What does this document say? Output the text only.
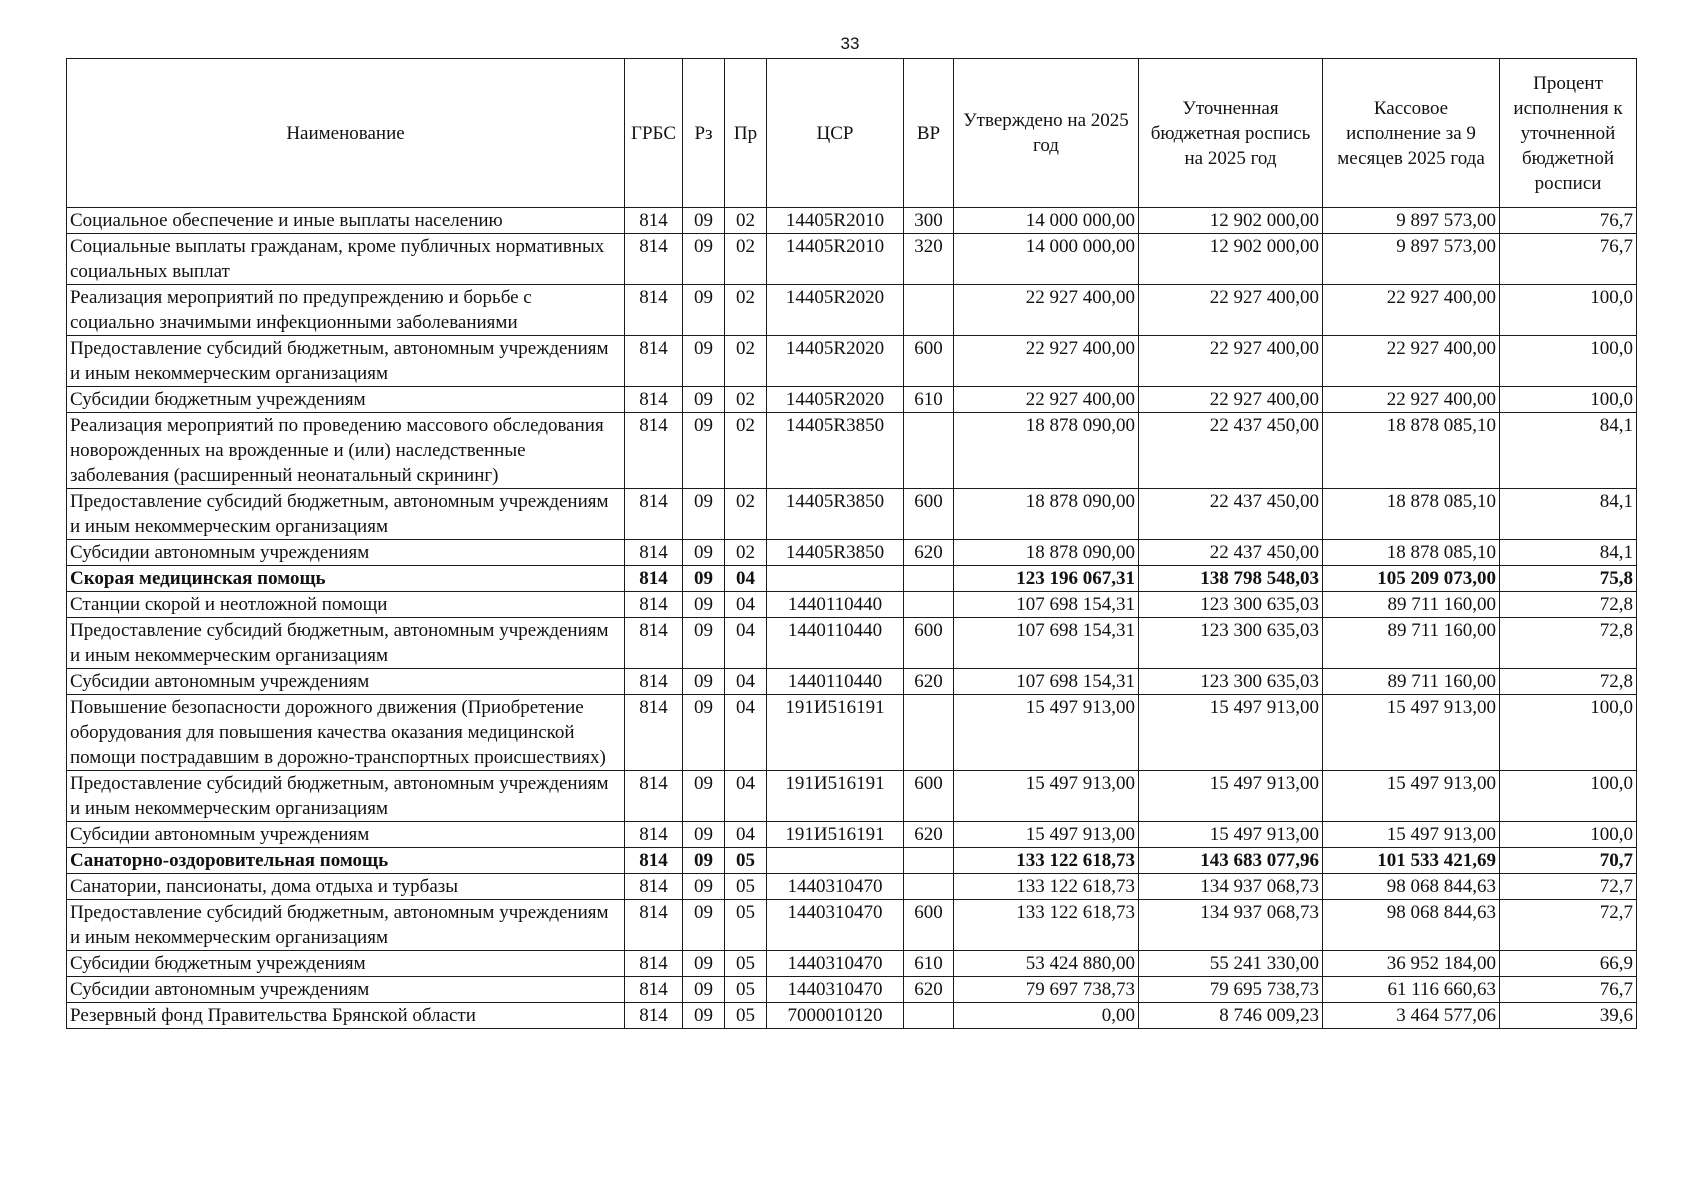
33
Наименование	ГРБС	Рз	Пр	ЦСР	ВР	Утверждено на 2025 год	Уточненная бюджетная роспись на 2025 год	Кассовое исполнение за 9 месяцев 2025 года	Процент исполнения к уточненной бюджетной росписи
Социальное обеспечение и иные выплаты населению	814	09	02	14405R2010	300	14 000 000,00	12 902 000,00	9 897 573,00	76,7
Социальные выплаты гражданам, кроме публичных нормативных социальных выплат	814	09	02	14405R2010	320	14 000 000,00	12 902 000,00	9 897 573,00	76,7
Реализация мероприятий по предупреждению и борьбе с социально значимыми инфекционными заболеваниями	814	09	02	14405R2020		22 927 400,00	22 927 400,00	22 927 400,00	100,0
Предоставление субсидий бюджетным, автономным учреждениям и иным некоммерческим организациям	814	09	02	14405R2020	600	22 927 400,00	22 927 400,00	22 927 400,00	100,0
Субсидии бюджетным учреждениям	814	09	02	14405R2020	610	22 927 400,00	22 927 400,00	22 927 400,00	100,0
Реализация мероприятий по проведению массового обследования новорожденных на врожденные и (или) наследственные заболевания (расширенный неонатальный скрининг)	814	09	02	14405R3850		18 878 090,00	22 437 450,00	18 878 085,10	84,1
Предоставление субсидий бюджетным, автономным учреждениям и иным некоммерческим организациям	814	09	02	14405R3850	600	18 878 090,00	22 437 450,00	18 878 085,10	84,1
Субсидии автономным учреждениям	814	09	02	14405R3850	620	18 878 090,00	22 437 450,00	18 878 085,10	84,1
Скорая медицинская помощь	814	09	04			123 196 067,31	138 798 548,03	105 209 073,00	75,8
Станции скорой и неотложной помощи	814	09	04	1440110440		107 698 154,31	123 300 635,03	89 711 160,00	72,8
Предоставление субсидий бюджетным, автономным учреждениям и иным некоммерческим организациям	814	09	04	1440110440	600	107 698 154,31	123 300 635,03	89 711 160,00	72,8
Субсидии автономным учреждениям	814	09	04	1440110440	620	107 698 154,31	123 300 635,03	89 711 160,00	72,8
Повышение безопасности дорожного движения (Приобретение оборудования для повышения качества оказания медицинской помощи пострадавшим в дорожно-транспортных происшествиях)	814	09	04	191И516191		15 497 913,00	15 497 913,00	15 497 913,00	100,0
Предоставление субсидий бюджетным, автономным учреждениям и иным некоммерческим организациям	814	09	04	191И516191	600	15 497 913,00	15 497 913,00	15 497 913,00	100,0
Субсидии автономным учреждениям	814	09	04	191И516191	620	15 497 913,00	15 497 913,00	15 497 913,00	100,0
Санаторно-оздоровительная помощь	814	09	05			133 122 618,73	143 683 077,96	101 533 421,69	70,7
Санатории, пансионаты, дома отдыха и турбазы	814	09	05	1440310470		133 122 618,73	134 937 068,73	98 068 844,63	72,7
Предоставление субсидий бюджетным, автономным учреждениям и иным некоммерческим организациям	814	09	05	1440310470	600	133 122 618,73	134 937 068,73	98 068 844,63	72,7
Субсидии бюджетным учреждениям	814	09	05	1440310470	610	53 424 880,00	55 241 330,00	36 952 184,00	66,9
Субсидии автономным учреждениям	814	09	05	1440310470	620	79 697 738,73	79 695 738,73	61 116 660,63	76,7
Резервный фонд Правительства Брянской области	814	09	05	7000010120		0,00	8 746 009,23	3 464 577,06	39,6
